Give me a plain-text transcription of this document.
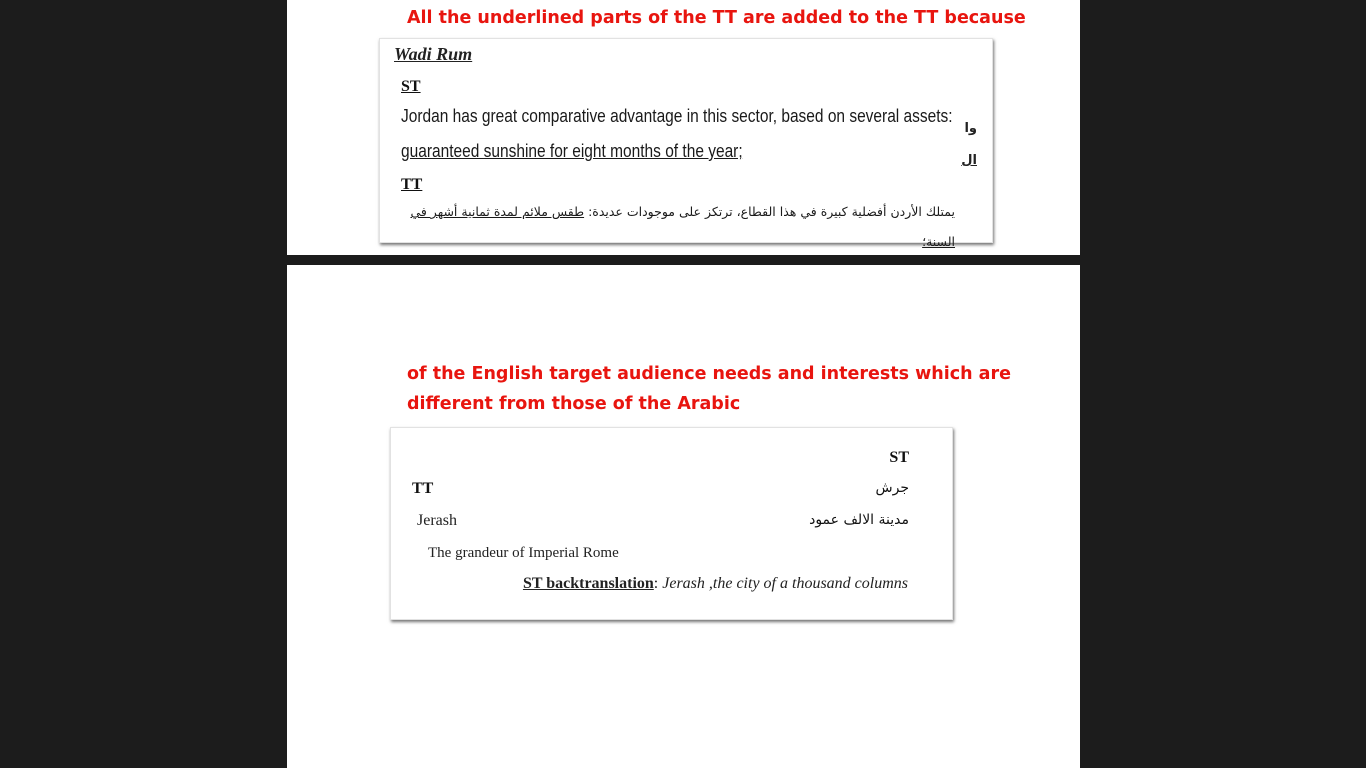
All the underlined parts of the TT are added to the TT because
Wadi Rum
ST
Jordan has great comparative advantage in this sector, based on several assets:
guaranteed sunshine for eight months of the year;
TT
يمتلك الأردن أفضلية كبيرة في هذا القطاع، ترتكز على موجودات عديدة: طقس ملائم لمدة ثمانية أشهر في
السنة؛
وا
ال
of the English target audience needs and interests which are
different from those of the Arabic
ST
TT	جرش
Jerash	مدينة الالف عمود
The grandeur of Imperial Rome
ST backtranslation: Jerash ,the city of a thousand columns
